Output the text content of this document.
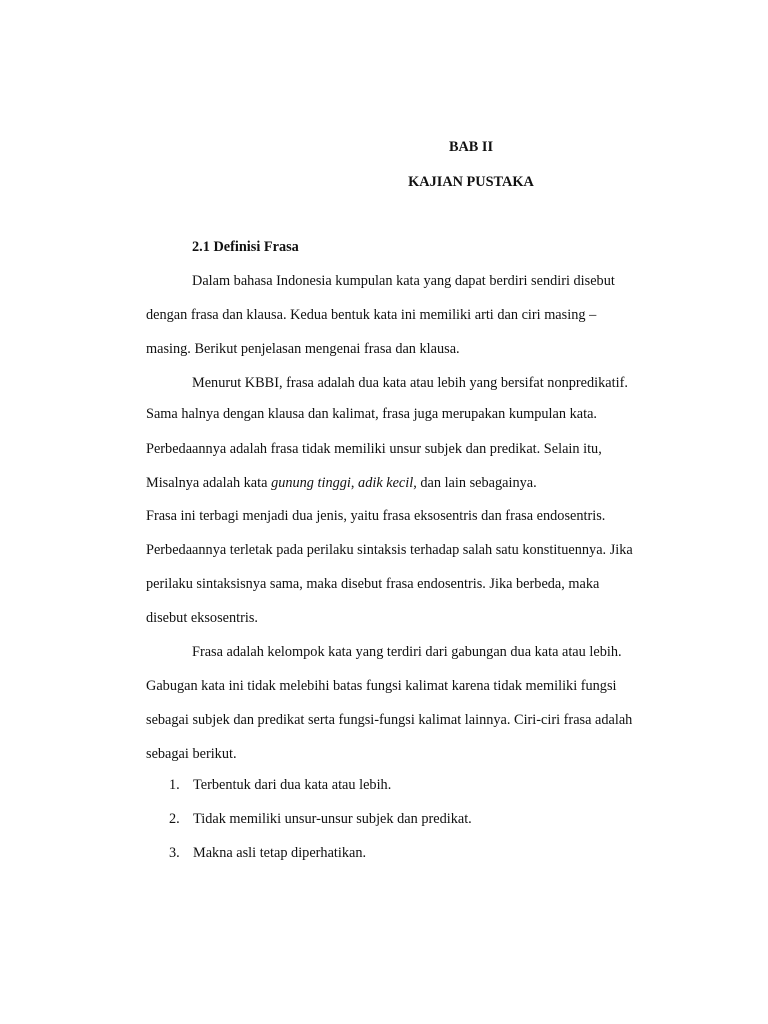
BAB II
KAJIAN PUSTAKA
2.1 Definisi Frasa
Dalam bahasa Indonesia kumpulan kata yang dapat berdiri sendiri disebut
dengan frasa dan klausa. Kedua bentuk kata ini memiliki arti dan ciri masing –
masing. Berikut penjelasan mengenai frasa dan klausa.
Menurut KBBI, frasa adalah dua kata atau lebih yang bersifat nonpredikatif.
Sama halnya dengan klausa dan kalimat, frasa juga merupakan kumpulan kata.
Perbedaannya adalah frasa tidak memiliki unsur subjek dan predikat. Selain itu,
Misalnya adalah kata gunung tinggi, adik kecil, dan lain sebagainya.
Frasa ini terbagi menjadi dua jenis, yaitu frasa eksosentris dan frasa endosentris.
Perbedaannya terletak pada perilaku sintaksis terhadap salah satu konstituennya. Jika
perilaku sintaksisnya sama, maka disebut frasa endosentris. Jika berbeda, maka
disebut eksosentris.
Frasa adalah kelompok kata yang terdiri dari gabungan dua kata atau lebih.
Gabugan kata ini tidak melebihi batas fungsi kalimat karena tidak memiliki fungsi
sebagai subjek dan predikat serta fungsi-fungsi kalimat lainnya. Ciri-ciri frasa adalah
sebagai berikut.
1. Terbentuk dari dua kata atau lebih.
2. Tidak memiliki unsur-unsur subjek dan predikat.
3. Makna asli tetap diperhatikan.
